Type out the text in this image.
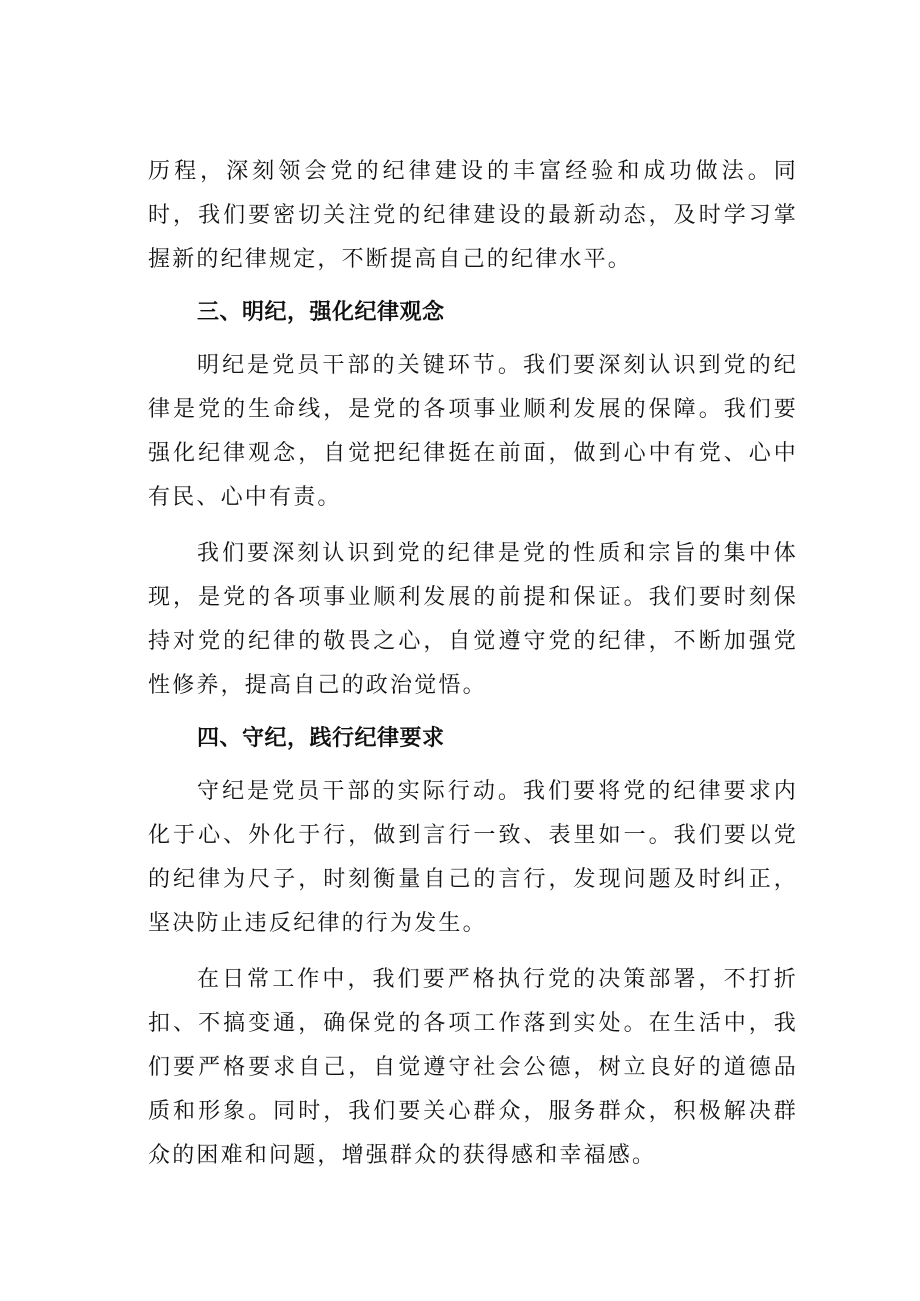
历程，深刻领会党的纪律建设的丰富经验和成功做法。同时，我们要密切关注党的纪律建设的最新动态，及时学习掌握新的纪律规定，不断提高自己的纪律水平。

三、明纪，强化纪律观念

明纪是党员干部的关键环节。我们要深刻认识到党的纪律是党的生命线，是党的各项事业顺利发展的保障。我们要强化纪律观念，自觉把纪律挺在前面，做到心中有党、心中有民、心中有责。

我们要深刻认识到党的纪律是党的性质和宗旨的集中体现，是党的各项事业顺利发展的前提和保证。我们要时刻保持对党的纪律的敬畏之心，自觉遵守党的纪律，不断加强党性修养，提高自己的政治觉悟。

四、守纪，践行纪律要求

守纪是党员干部的实际行动。我们要将党的纪律要求内化于心、外化于行，做到言行一致、表里如一。我们要以党的纪律为尺子，时刻衡量自己的言行，发现问题及时纠正，坚决防止违反纪律的行为发生。

在日常工作中，我们要严格执行党的决策部署，不打折扣、不搞变通，确保党的各项工作落到实处。在生活中，我们要严格要求自己，自觉遵守社会公德，树立良好的道德品质和形象。同时，我们要关心群众，服务群众，积极解决群众的困难和问题，增强群众的获得感和幸福感。
